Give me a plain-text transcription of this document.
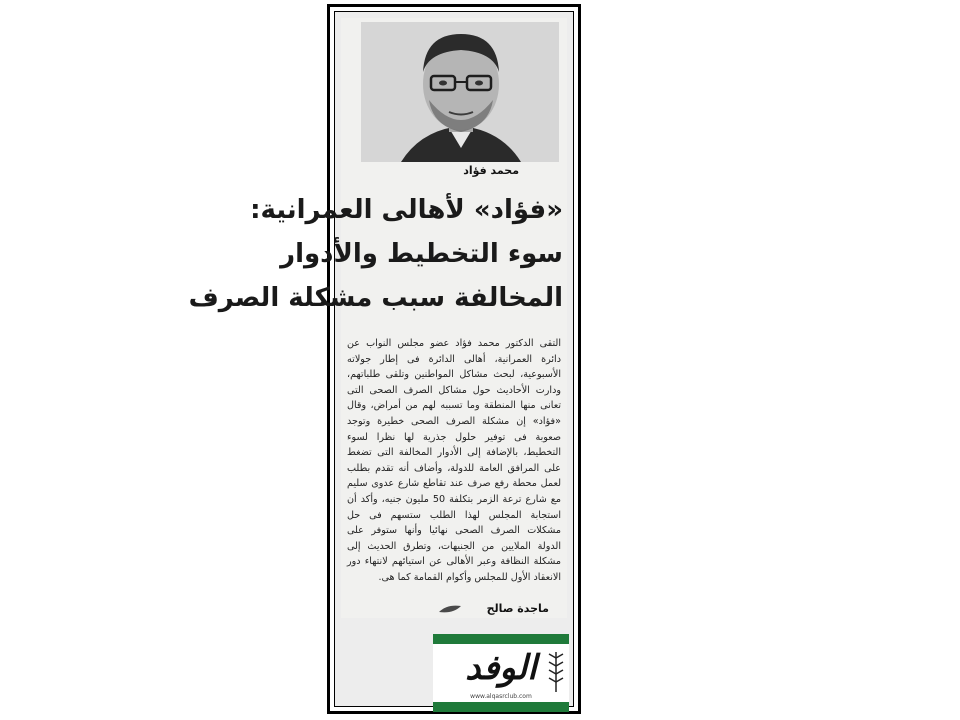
محمد فؤاد
«فؤاد» لأهالى العمرانية:
سوء التخطيط والأدوار
المخالفة سبب مشكلة الصرف
التقى الدكتور محمد فؤاد عضو مجلس النواب عن دائرة العمرانية، أهالى الدائرة فى إطار جولاته الأسبوعية، لبحث مشاكل المواطنين وتلقى طلباتهم، ودارت الأحاديث حول مشاكل الصرف الصحى التى تعانى منها المنطقة وما تسببه لهم من أمراض، وقال «فؤاد» إن مشكلة الصرف الصحى خطيرة وتوجد صعوبة فى توفير حلول جذرية لها نظرا لسوء التخطيط، بالإضافة إلى الأدوار المخالفة التى تضغط على المرافق العامة للدولة، وأضاف أنه تقدم بطلب لعمل محطة رفع صرف عند تقاطع شارع عدوى سليم مع شارع ترعة الزمر بتكلفة 50 مليون جنيه، وأكد أن استجابة المجلس لهذا الطلب ستسهم فى حل مشكلات الصرف الصحى نهائيا وأنها ستوفر على الدولة الملايين من الجنيهات، وتطرق الحديث إلى مشكلة النظافة وعبر الأهالى عن استيائهم لانتهاء دور الانعقاد الأول للمجلس وأكوام القمامة كما هى.
ماجدة صالح
الوفد
www.alqasrclub.com
